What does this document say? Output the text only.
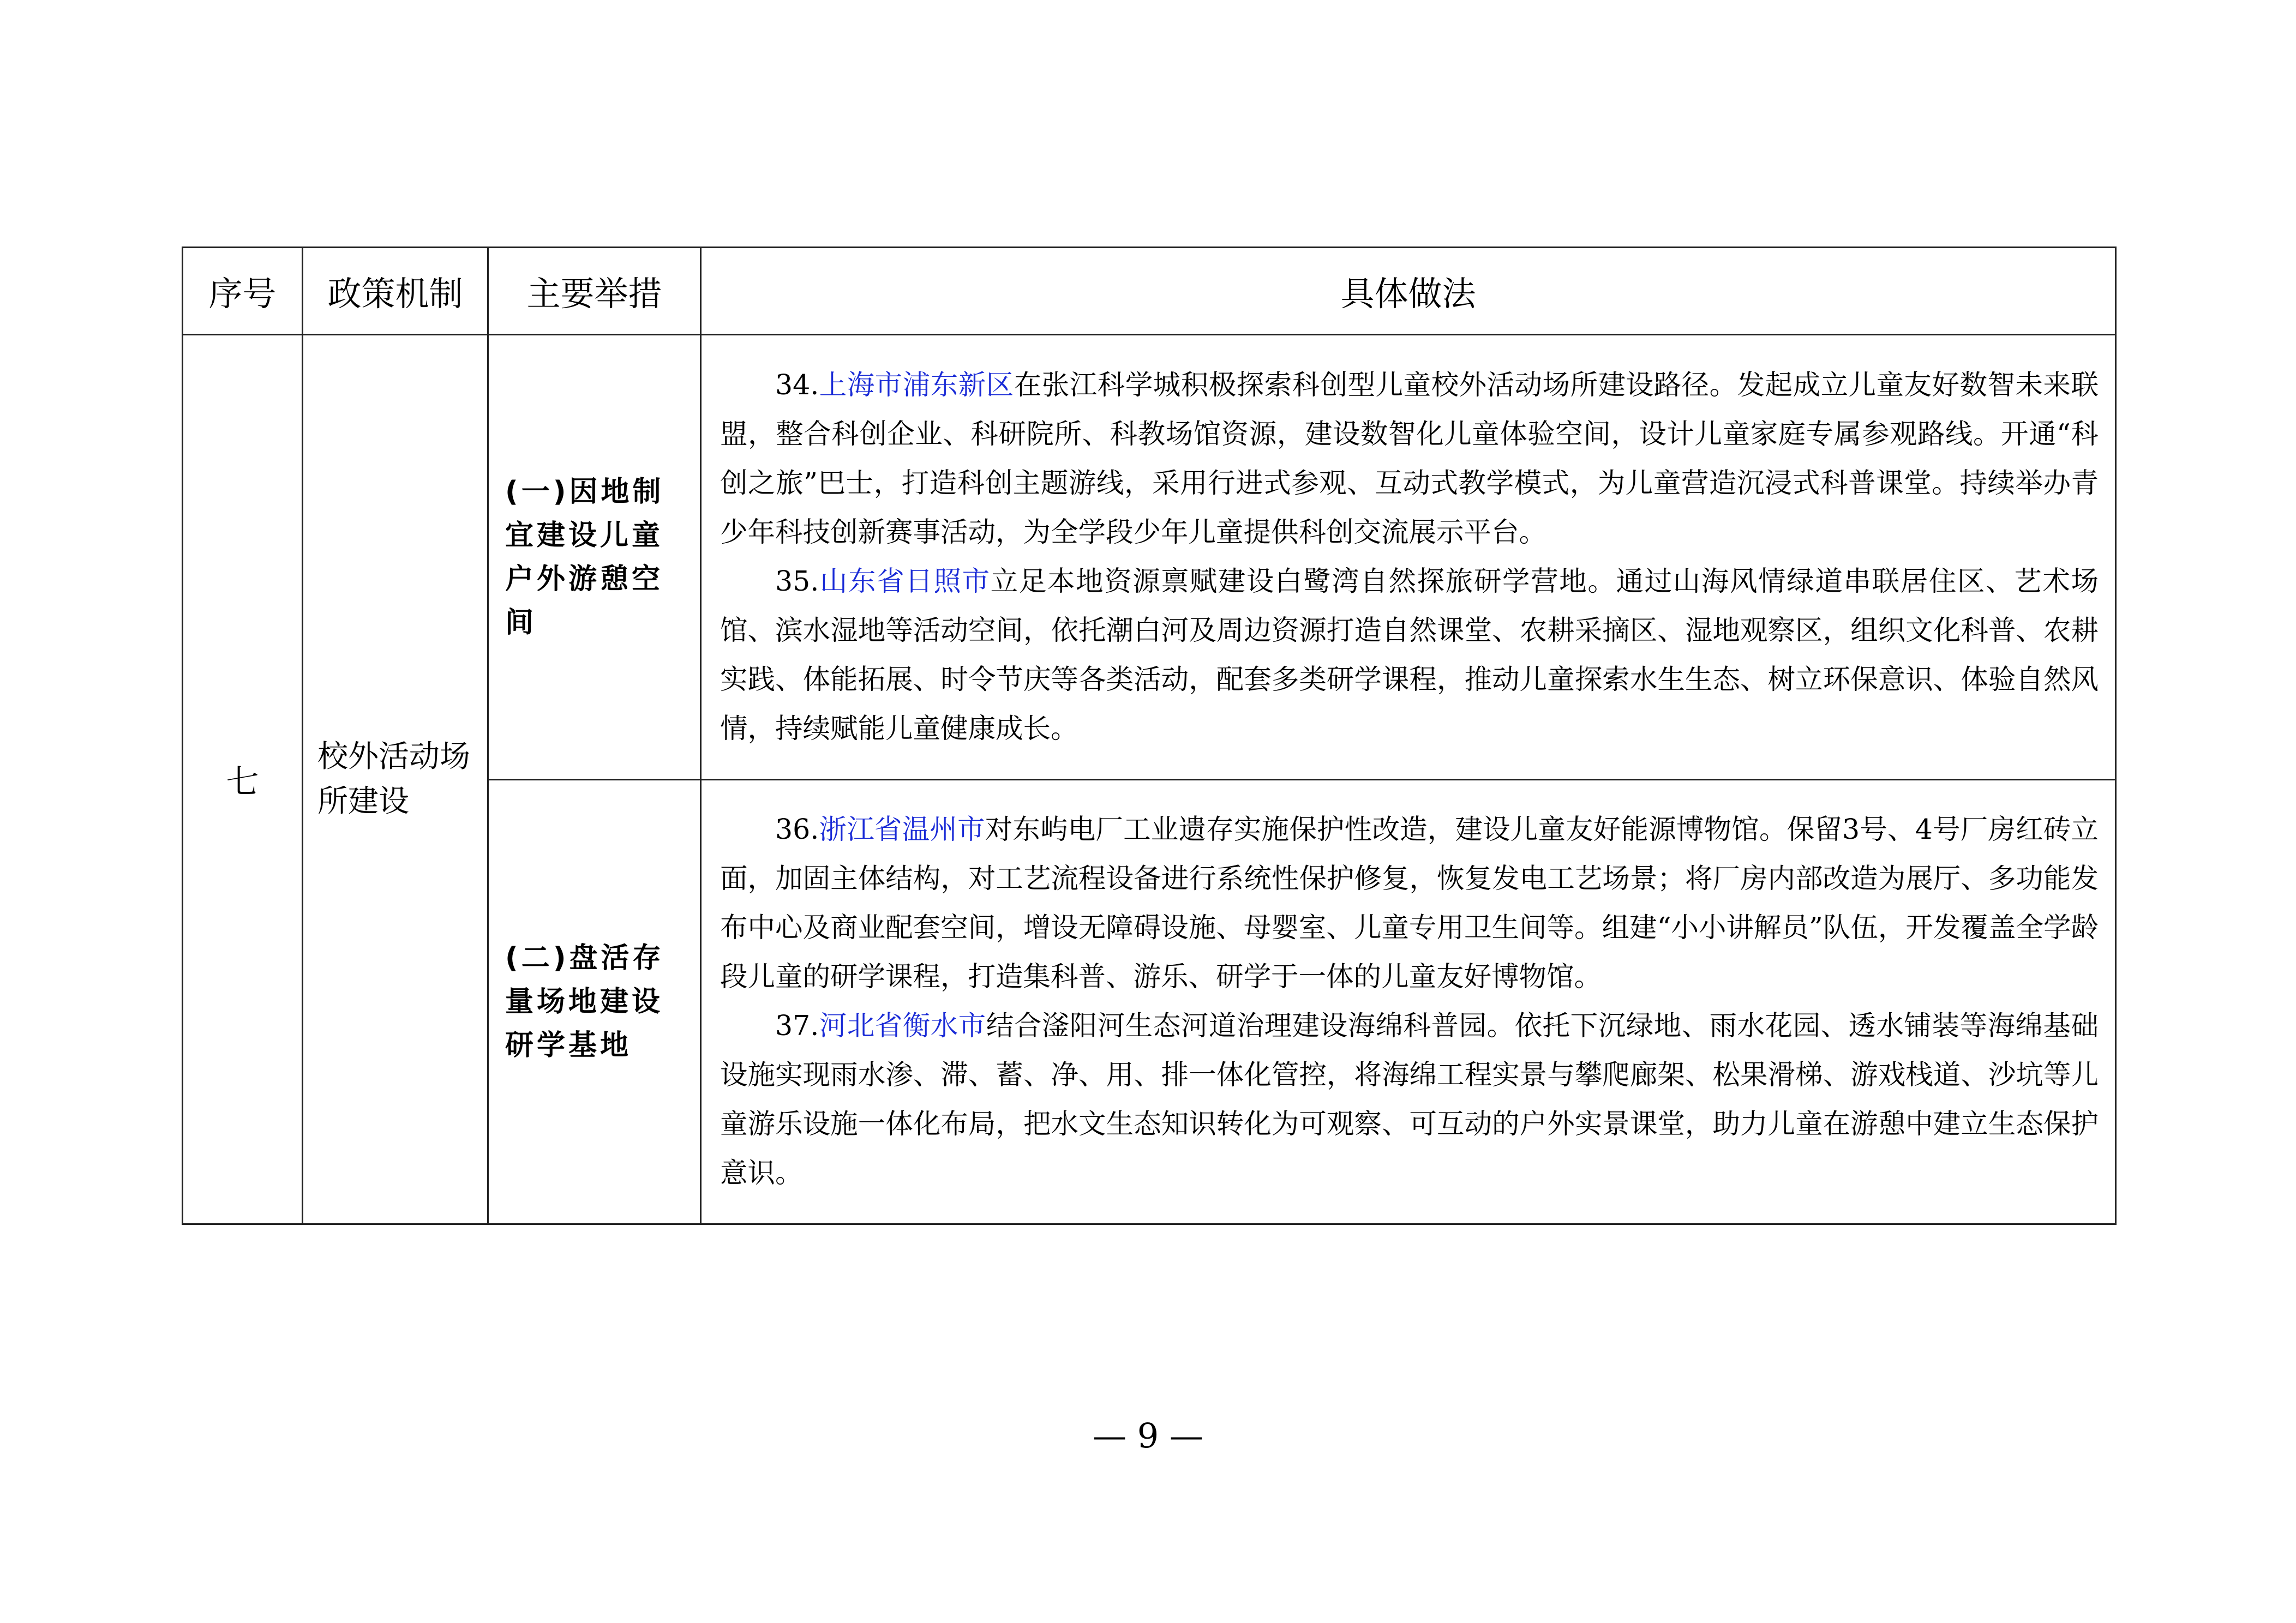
序号	政策机制	主要举措	具体做法
七	校外活动场所建设	(一)因地制宜建设儿童户外游憩空间	34.上海市浦东新区在张江科学城积极探索科创型儿童校外活动场所建设路径。发起成立儿童友好数智未来联盟，整合科创企业、科研院所、科教场馆资源，建设数智化儿童体验空间，设计儿童家庭专属参观路线。开通“科创之旅”巴士，打造科创主题游线，采用行进式参观、互动式教学模式，为儿童营造沉浸式科普课堂。持续举办青少年科技创新赛事活动，为全学段少年儿童提供科创交流展示平台。

35.山东省日照市立足本地资源禀赋建设白鹭湾自然探旅研学营地。通过山海风情绿道串联居住区、艺术场馆、滨水湿地等活动空间，依托潮白河及周边资源打造自然课堂、农耕采摘区、湿地观察区，组织文化科普、农耕实践、体能拓展、时令节庆等各类活动，配套多类研学课程，推动儿童探索水生生态、树立环保意识、体验自然风情，持续赋能儿童健康成长。

		(二)盘活存量场地建设研学基地	36.浙江省温州市对东屿电厂工业遗存实施保护性改造，建设儿童友好能源博物馆。保留3号、4号厂房红砖立面，加固主体结构，对工艺流程设备进行系统性保护修复，恢复发电工艺场景；将厂房内部改造为展厅、多功能发布中心及商业配套空间，增设无障碍设施、母婴室、儿童专用卫生间等。组建“小小讲解员”队伍，开发覆盖全学龄段儿童的研学课程，打造集科普、游乐、研学于一体的儿童友好博物馆。

37.河北省衡水市结合滏阳河生态河道治理建设海绵科普园。依托下沉绿地、雨水花园、透水铺装等海绵基础设施实现雨水渗、滞、蓄、净、用、排一体化管控，将海绵工程实景与攀爬廊架、松果滑梯、游戏栈道、沙坑等儿童游乐设施一体化布局，把水文生态知识转化为可观察、可互动的户外实景课堂，助力儿童在游憩中建立生态保护意识。

— 9 —
